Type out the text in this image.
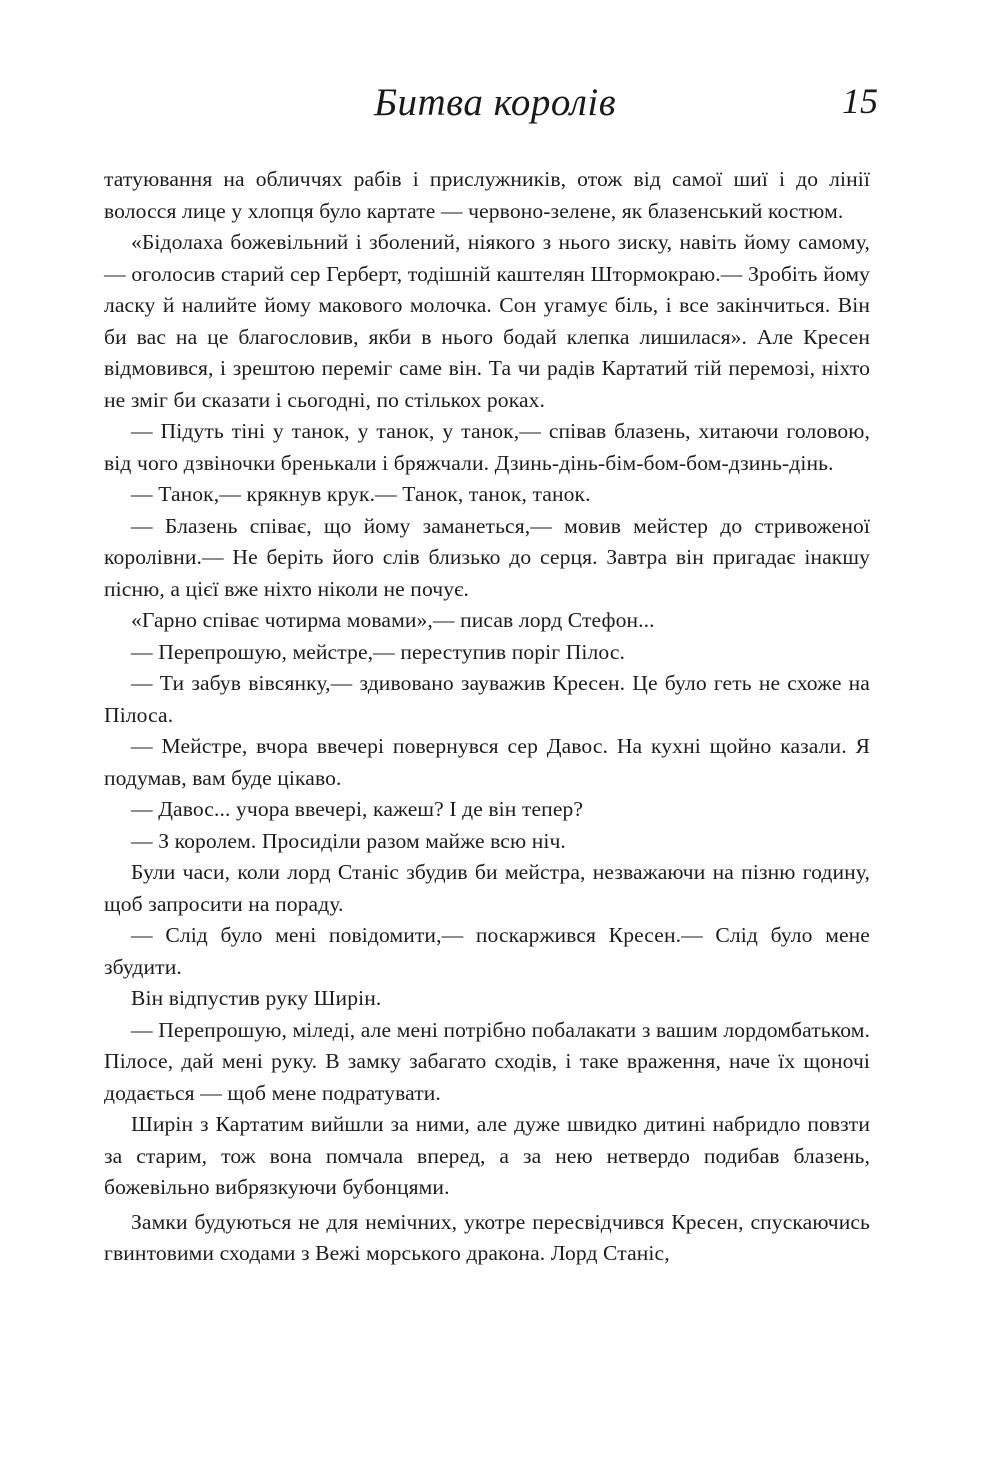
Битва королів	15

татуювання на обличчях рабів і прислужників, отож від самої шиї і до лінії волосся лице у хлопця було картате — червоно-зелене, як блазенський костюм.

«Бідолаха божевільний і зболений, ніякого з нього зиску, навіть йому самому,— оголосив старий сер Герберт, тодішній каштелян Штормокраю.— Зробіть йому ласку й налийте йому макового молочка. Сон угамує біль, і все закінчиться. Він би вас на це благословив, якби в нього бодай клепка лишилася». Але Кресен відмовився, і зрештою переміг саме він. Та чи радів Картатий тій перемозі, ніхто не зміг би сказати і сьогодні, по стількох роках.

— Підуть тіні у танок, у танок, у танок,— співав блазень, хитаючи головою, від чого дзвіночки бренькали і бряжчали. Дзинь-дінь-бім-бом-бом-дзинь-дінь.

— Танок,— крякнув крук.— Танок, танок, танок.

— Блазень співає, що йому заманеться,— мовив мейстер до стривоженої королівни.— Не беріть його слів близько до серця. Завтра він пригадає інакшу пісню, а цієї вже ніхто ніколи не почує.

«Гарно співає чотирма мовами»,— писав лорд Стефон...

— Перепрошую, мейстре,— переступив поріг Пілос.

— Ти забув вівсянку,— здивовано зауважив Кресен. Це було геть не схоже на Пілоса.

— Мейстре, вчора ввечері повернувся сер Давос. На кухні щойно казали. Я подумав, вам буде цікаво.

— Давос... учора ввечері, кажеш? І де він тепер?

— З королем. Просиділи разом майже всю ніч.

Були часи, коли лорд Станіс збудив би мейстра, незважаючи на пізню годину, щоб запросити на пораду.

— Слід було мені повідомити,— поскаржився Кресен.— Слід було мене збудити.

Він відпустив руку Ширін.

— Перепрошую, міледі, але мені потрібно побалакати з вашим лордомбатьком. Пілосе, дай мені руку. В замку забагато сходів, і таке враження, наче їх щоночі додається — щоб мене подратувати.

Ширін з Картатим вийшли за ними, але дуже швидко дитині набридло повзти за старим, тож вона помчала вперед, а за нею нетвердо подибав блазень, божевільно вибрязкуючи бубонцями.

Замки будуються не для немічних, укотре пересвідчився Кресен, спускаючись гвинтовими сходами з Вежі морського дракона. Лорд Станіс,
